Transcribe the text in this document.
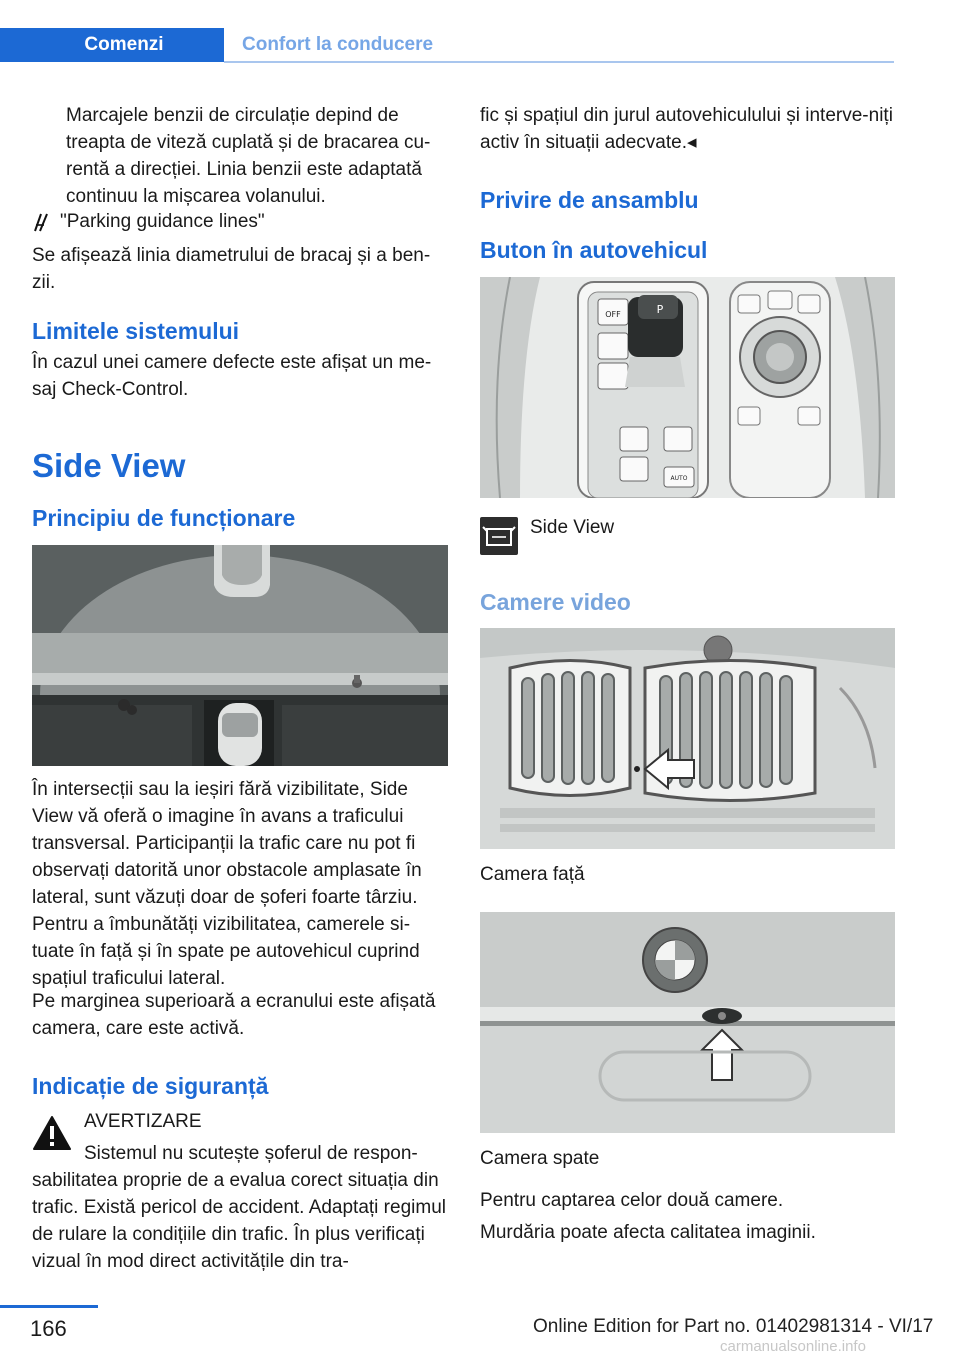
Comenzi	Confort la conducere

Marcajele benzii de circulație depind de treapta de viteză cuplată și de bracarea cu-rentă a direcției. Linia benzii este adaptată continuu la mișcarea volanului.

"Parking guidance lines"

Se afișează linia diametrului de bracaj și a ben-zii.

Limitele sistemului

În cazul unei camere defecte este afișat un me-saj Check-Control.

Side View
Principiu de funcționare

În intersecții sau la ieșiri fără vizibilitate, Side View vă oferă o imagine în avans a traficului transversal. Participanții la trafic care nu pot fi observați datorită unor obstacole amplasate în lateral, sunt văzuți doar de șoferi foarte târziu. Pentru a îmbunătăți vizibilitatea, camerele si-tuate în față și în spate pe autovehicul cuprind spațiul traficului lateral.

Pe marginea superioară a ecranului este afișată camera, care este activă.

Indicație de siguranță
AVERTIZARE
Sistemul nu scutește șoferul de respon-

sabilitatea proprie de a evalua corect situația din trafic. Există pericol de accident. Adaptați regimul de rulare la condițiile din trafic. În plus verificați vizual în mod direct activitățile din tra-

fic și spațiul din jurul autovehiculului și interve-niți activ în situații adecvate.◂

Privire de ansamblu
Buton în autovehicul
OFF	P
AUTO
Side View
Camere video
Camera față
Camera spate

Pentru captarea celor două camere.

Murdăria poate afecta calitatea imaginii.

166	Online Edition for Part no. 01402981314 - VI/17
carmanualsonline.info
